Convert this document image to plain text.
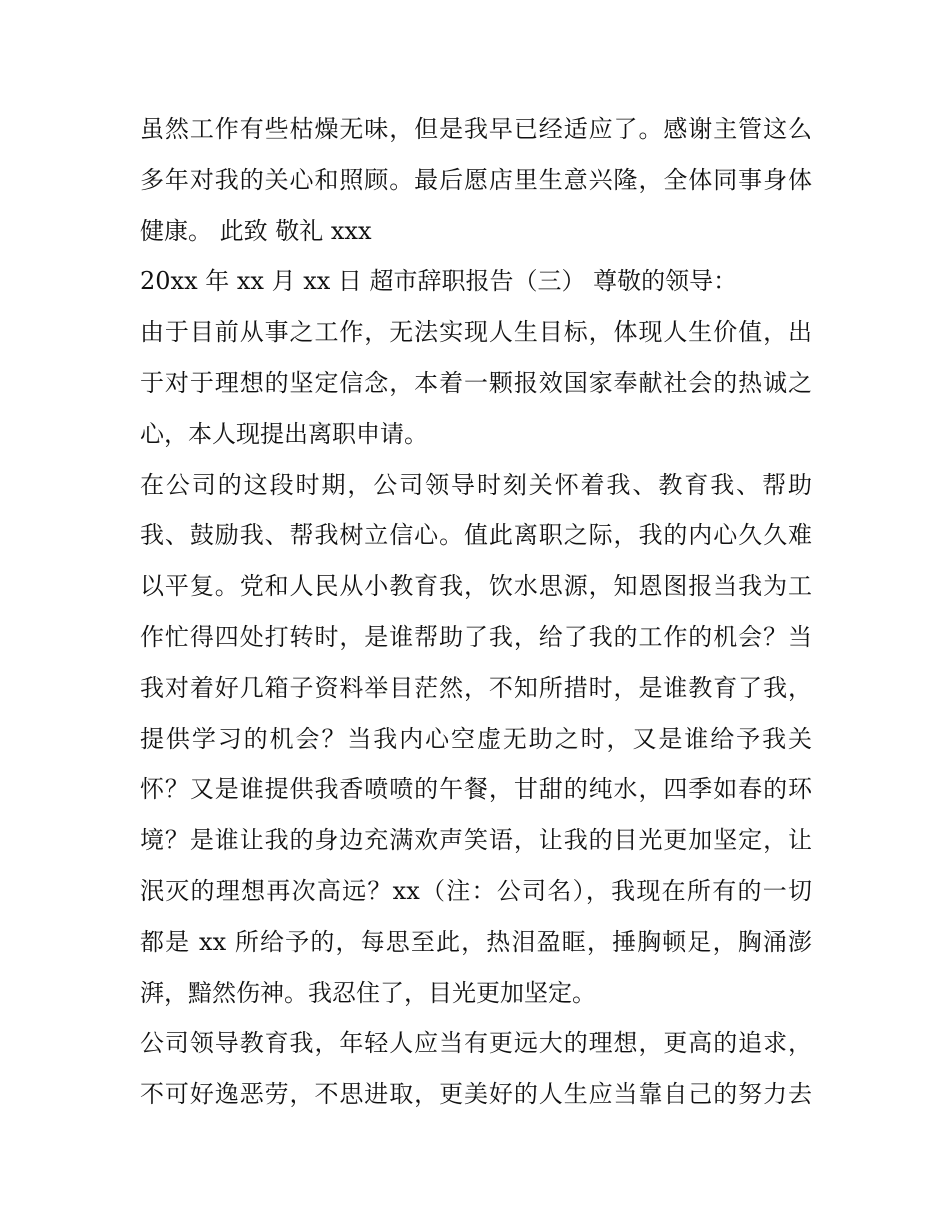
虽然工作有些枯燥无味，但是我早已经适应了。感谢主管这么
多年对我的关心和照顾。最后愿店里生意兴隆，全体同事身体
健康。 此致 敬礼 xxx
20xx 年 xx 月 xx 日 超市辞职报告（三） 尊敬的领导：
由于目前从事之工作，无法实现人生目标，体现人生价值，出
于对于理想的坚定信念，本着一颗报效国家奉献社会的热诚之
心，本人现提出离职申请。
在公司的这段时期，公司领导时刻关怀着我、教育我、帮助
我、鼓励我、帮我树立信心。值此离职之际，我的内心久久难
以平复。党和人民从小教育我，饮水思源，知恩图报当我为工
作忙得四处打转时，是谁帮助了我，给了我的工作的机会？当
我对着好几箱子资料举目茫然，不知所措时，是谁教育了我，
提供学习的机会？当我内心空虚无助之时，又是谁给予我关
怀？又是谁提供我香喷喷的午餐，甘甜的纯水，四季如春的环
境？是谁让我的身边充满欢声笑语，让我的目光更加坚定，让
泯灭的理想再次高远？xx（注：公司名），我现在所有的一切
都是 xx 所给予的，每思至此，热泪盈眶，捶胸顿足，胸涌澎
湃，黯然伤神。我忍住了，目光更加坚定。
公司领导教育我，年轻人应当有更远大的理想，更高的追求，
不可好逸恶劳，不思进取，更美好的人生应当靠自己的努力去
